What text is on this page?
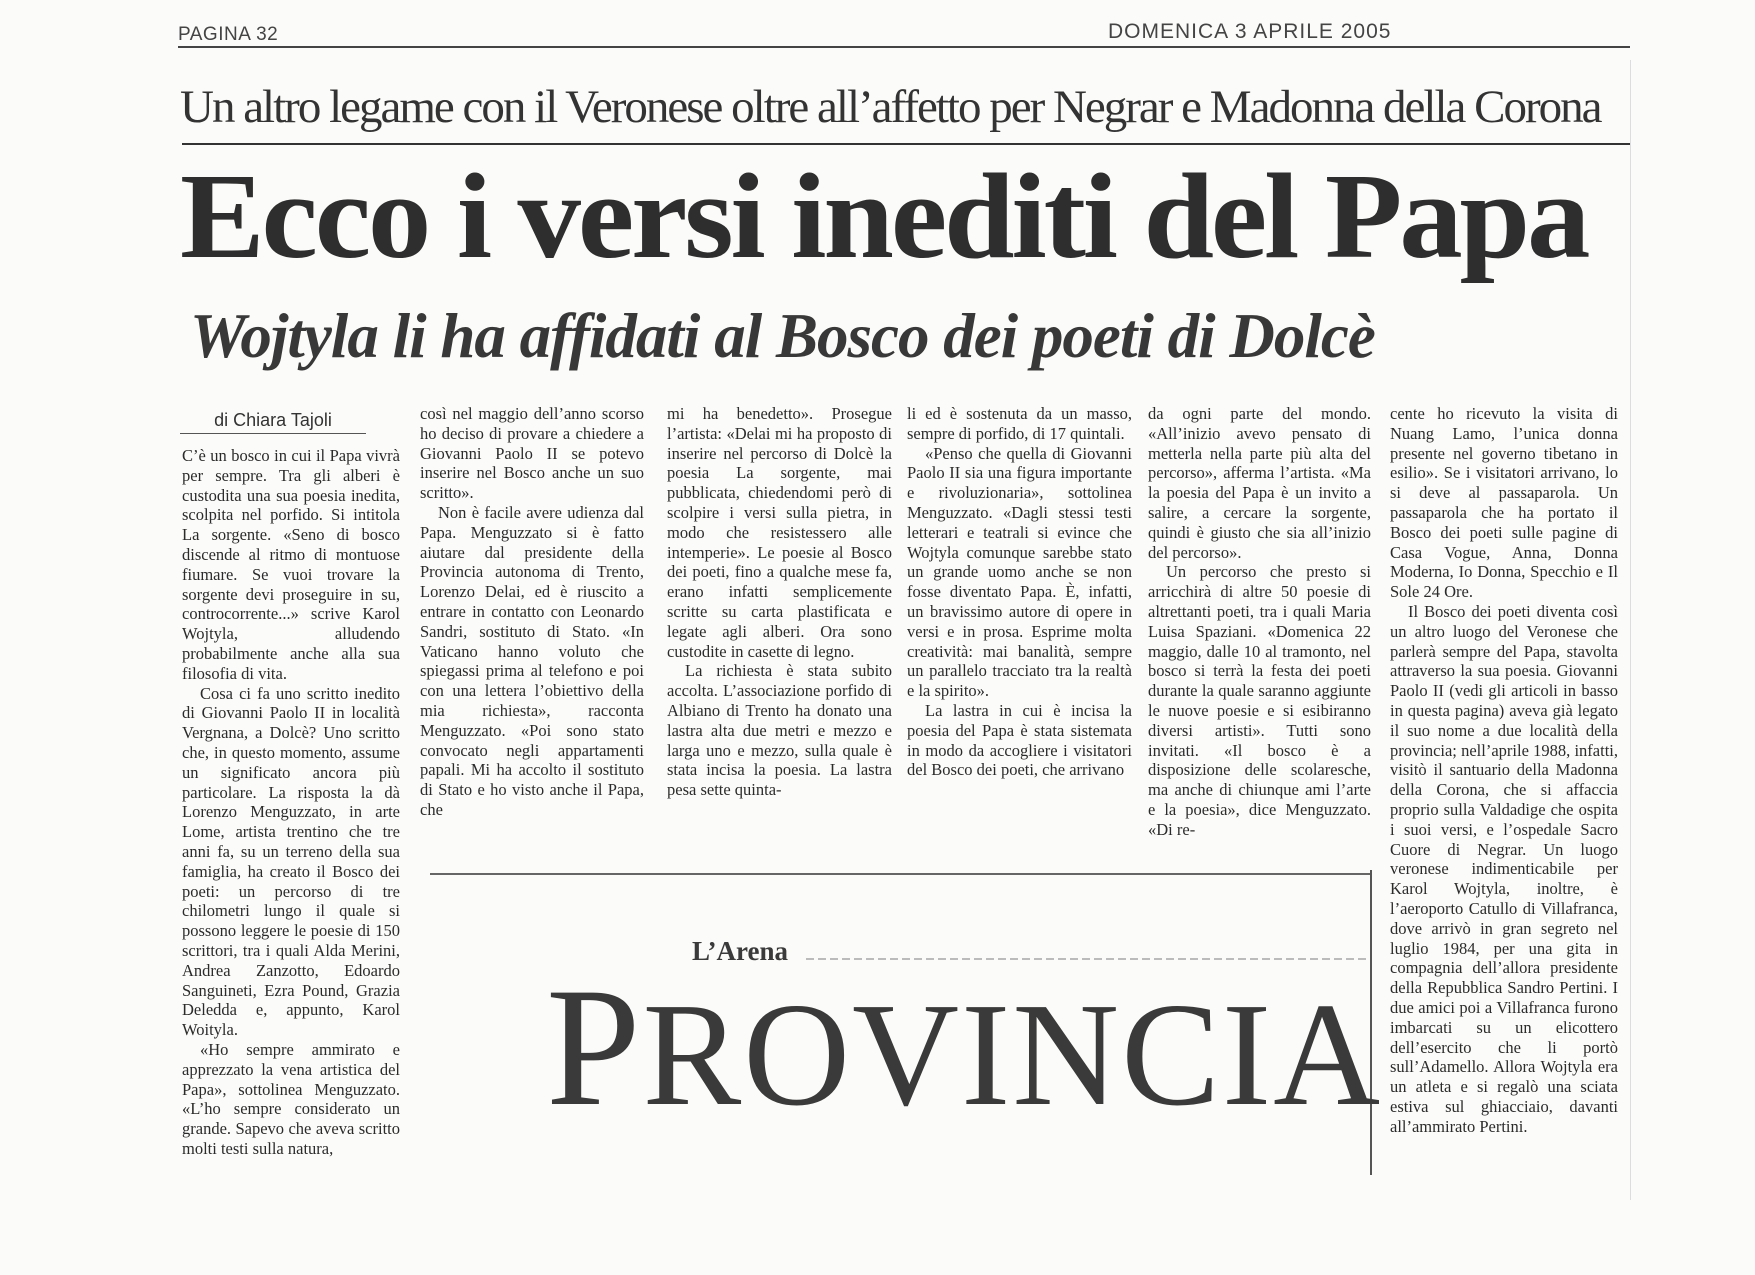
PAGINA 32	DOMENICA 3 APRILE 2005
Un altro legame con il Veronese oltre all’affetto per Negrar e Madonna della Corona
Ecco i versi inediti del Papa
Wojtyla li ha affidati al Bosco dei poeti di Dolcè
di Chiara Tajoli

C’è un bosco in cui il Papa vivrà per sempre. Tra gli alberi è custodita una sua poesia inedita, scolpita nel porfido. Si intitola La sorgente. «Seno di bosco discende al ritmo di montuose fiumare. Se vuoi trovare la sorgente devi proseguire in su, controcorrente...» scrive Karol Wojtyla, alludendo probabilmente anche alla sua filosofia di vita.

Cosa ci fa uno scritto inedito di Giovanni Paolo II in località Vergnana, a Dolcè? Uno scritto che, in questo momento, assume un significato ancora più particolare. La risposta la dà Lorenzo Menguzzato, in arte Lome, artista trentino che tre anni fa, su un terreno della sua famiglia, ha creato il Bosco dei poeti: un percorso di tre chilometri lungo il quale si possono leggere le poesie di 150 scrittori, tra i quali Alda Merini, Andrea Zanzotto, Edoardo Sanguineti, Ezra Pound, Grazia Deledda e, appunto, Karol Woityla.

«Ho sempre ammirato e apprezzato la vena artistica del Papa», sottolinea Menguzzato. «L’ho sempre considerato un grande. Sapevo che aveva scritto molti testi sulla natura,

così nel maggio dell’anno scorso ho deciso di provare a chiedere a Giovanni Paolo II se potevo inserire nel Bosco anche un suo scritto».

Non è facile avere udienza dal Papa. Menguzzato si è fatto aiutare dal presidente della Provincia autonoma di Trento, Lorenzo Delai, ed è riuscito a entrare in contatto con Leonardo Sandri, sostituto di Stato. «In Vaticano hanno voluto che spiegassi prima al telefono e poi con una lettera l’obiettivo della mia richiesta», racconta Menguzzato. «Poi sono stato convocato negli appartamenti papali. Mi ha accolto il sostituto di Stato e ho visto anche il Papa, che

mi ha benedetto». Prosegue l’artista: «Delai mi ha proposto di inserire nel percorso di Dolcè la poesia La sorgente, mai pubblicata, chiedendomi però di scolpire i versi sulla pietra, in modo che resistessero alle intemperie». Le poesie al Bosco dei poeti, fino a qualche mese fa, erano infatti semplicemente scritte su carta plastificata e legate agli alberi. Ora sono custodite in casette di legno.

La richiesta è stata subito accolta. L’associazione porfido di Albiano di Trento ha donato una lastra alta due metri e mezzo e larga uno e mezzo, sulla quale è stata incisa la poesia. La lastra pesa sette quinta-

li ed è sostenuta da un masso, sempre di porfido, di 17 quintali.

«Penso che quella di Giovanni Paolo II sia una figura importante e rivoluzionaria», sottolinea Menguzzato. «Dagli stessi testi letterari e teatrali si evince che Wojtyla comunque sarebbe stato un grande uomo anche se non fosse diventato Papa. È, infatti, un bravissimo autore di opere in versi e in prosa. Esprime molta creatività: mai banalità, sempre un parallelo tracciato tra la realtà e la spirito».

La lastra in cui è incisa la poesia del Papa è stata sistemata in modo da accogliere i visitatori del Bosco dei poeti, che arrivano

da ogni parte del mondo. «All’inizio avevo pensato di metterla nella parte più alta del percorso», afferma l’artista. «Ma la poesia del Papa è un invito a salire, a cercare la sorgente, quindi è giusto che sia all’inizio del percorso».

Un percorso che presto si arricchirà di altre 50 poesie di altrettanti poeti, tra i quali Maria Luisa Spaziani. «Domenica 22 maggio, dalle 10 al tramonto, nel bosco si terrà la festa dei poeti durante la quale saranno aggiunte le nuove poesie e si esibiranno diversi artisti». Tutti sono invitati. «Il bosco è a disposizione delle scolaresche, ma anche di chiunque ami l’arte e la poesia», dice Menguzzato. «Di re-

cente ho ricevuto la visita di Nuang Lamo, l’unica donna presente nel governo tibetano in esilio». Se i visitatori arrivano, lo si deve al passaparola. Un passaparola che ha portato il Bosco dei poeti sulle pagine di Casa Vogue, Anna, Donna Moderna, Io Donna, Specchio e Il Sole 24 Ore.

Il Bosco dei poeti diventa così un altro luogo del Veronese che parlerà sempre del Papa, stavolta attraverso la sua poesia. Giovanni Paolo II (vedi gli articoli in basso in questa pagina) aveva già legato il suo nome a due località della provincia; nell’aprile 1988, infatti, visitò il santuario della Madonna della Corona, che si affaccia proprio sulla Valdadige che ospita i suoi versi, e l’ospedale Sacro Cuore di Negrar. Un luogo veronese indimenticabile per Karol Wojtyla, inoltre, è l’aeroporto Catullo di Villafranca, dove arrivò in gran segreto nel luglio 1984, per una gita in compagnia dell’allora presidente della Repubblica Sandro Pertini. I due amici poi a Villafranca furono imbarcati su un elicottero dell’esercito che li portò sull’Adamello. Allora Wojtyla era un atleta e si regalò una sciata estiva sul ghiacciaio, davanti all’ammirato Pertini.

L’Arena
PROVINCIA
